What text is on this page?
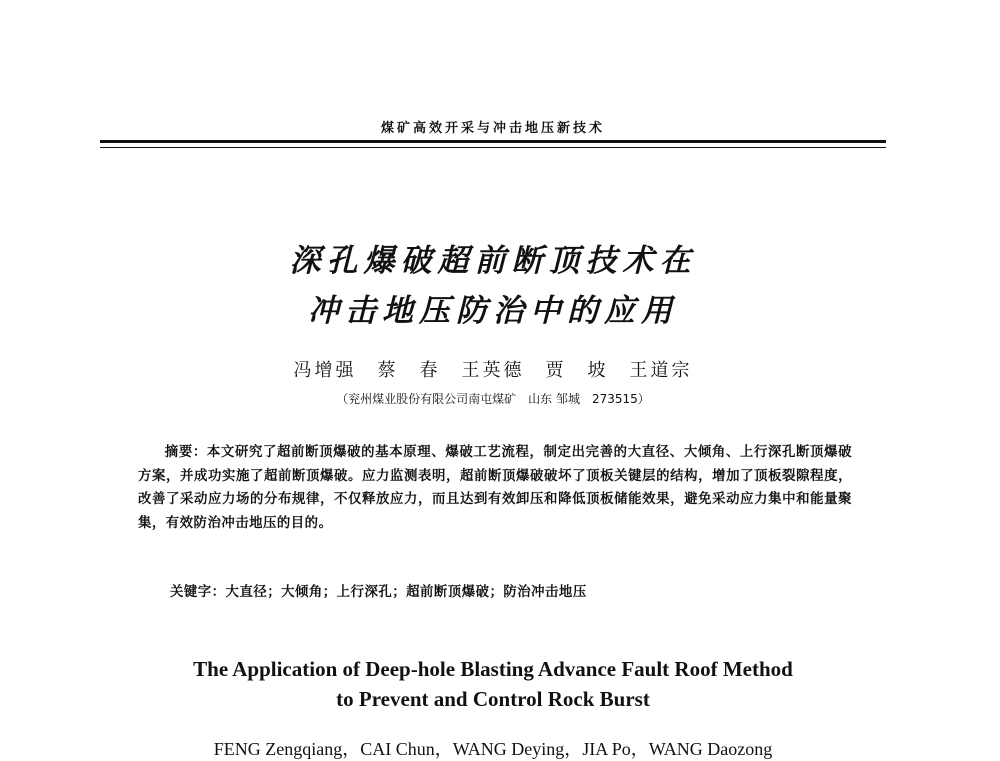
煤矿高效开采与冲击地压新技术
深孔爆破超前断顶技术在
冲击地压防治中的应用
冯增强　蔡　春　王英德　贾　坡　王道宗
（兖州煤业股份有限公司南屯煤矿　山东 邹城　273515）
摘要：本文研究了超前断顶爆破的基本原理、爆破工艺流程，制定出完善的大直径、大倾角、上行深孔断顶爆破方案，并成功实施了超前断顶爆破。应力监测表明，超前断顶爆破破坏了顶板关键层的结构，增加了顶板裂隙程度，改善了采动应力场的分布规律，不仅释放应力，而且达到有效卸压和降低顶板储能效果，避免采动应力集中和能量聚集，有效防治冲击地压的目的。
关键字：大直径；大倾角；上行深孔；超前断顶爆破；防治冲击地压
The Application of Deep-hole Blasting Advance Fault Roof Method
to Prevent and Control Rock Burst
FENG Zengqiang，CAI Chun，WANG Deying，JIA Po，WANG Daozong
